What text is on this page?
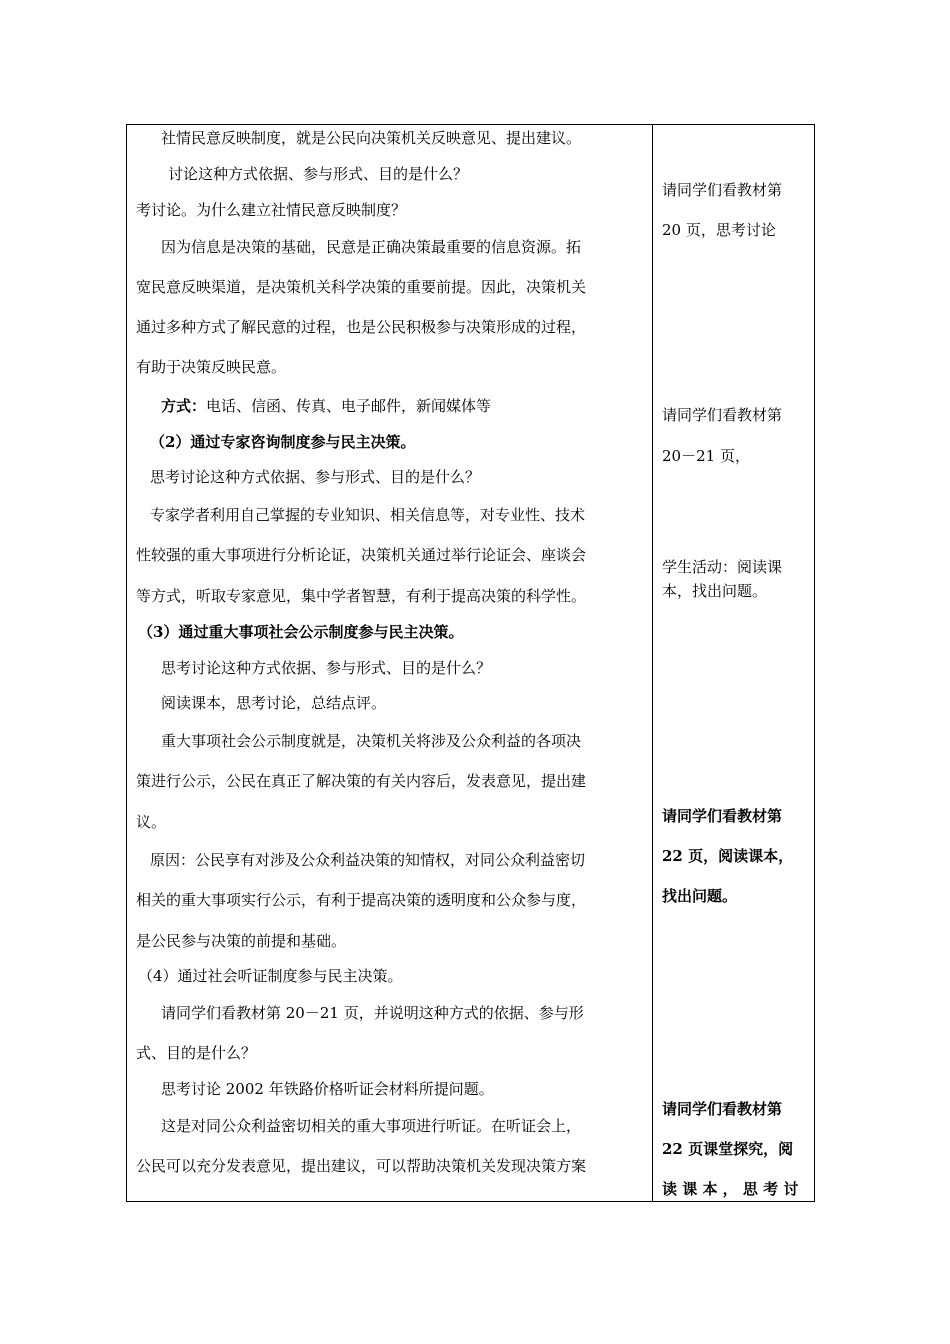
社情民意反映制度，就是公民向决策机关反映意见、提出建议。
讨论这种方式依据、参与形式、目的是什么？
考讨论。为什么建立社情民意反映制度？
因为信息是决策的基础，民意是正确决策最重要的信息资源。拓
宽民意反映渠道，是决策机关科学决策的重要前提。因此，决策机关
通过多种方式了解民意的过程，也是公民积极参与决策形成的过程，
有助于决策反映民意。
方式：电话、信函、传真、电子邮件，新闻媒体等
（2）通过专家咨询制度参与民主决策。
思考讨论这种方式依据、参与形式、目的是什么？
专家学者利用自己掌握的专业知识、相关信息等，对专业性、技术
性较强的重大事项进行分析论证，决策机关通过举行论证会、座谈会
等方式，听取专家意见，集中学者智慧，有利于提高决策的科学性。
（3）通过重大事项社会公示制度参与民主决策。
思考讨论这种方式依据、参与形式、目的是什么？
阅读课本，思考讨论，总结点评。
重大事项社会公示制度就是，决策机关将涉及公众利益的各项决
策进行公示，公民在真正了解决策的有关内容后，发表意见，提出建
议。
原因：公民享有对涉及公众利益决策的知情权，对同公众利益密切
相关的重大事项实行公示，有利于提高决策的透明度和公众参与度，
是公民参与决策的前提和基础。
（4）通过社会听证制度参与民主决策。
请同学们看教材第 20－21 页，并说明这种方式的依据、参与形
式、目的是什么？
思考讨论 2002 年铁路价格听证会材料所提问题。
这是对同公众利益密切相关的重大事项进行听证。在听证会上，
公民可以充分发表意见，提出建议，可以帮助决策机关发现决策方案
请同学们看教材第
20 页，思考讨论
请同学们看教材第
20－21 页，
学生活动：阅读课
本，找出问题。
请同学们看教材第
22 页，阅读课本，
找出问题。
请同学们看教材第
22 页课堂探究，阅
读 课 本 ， 思 考 讨
